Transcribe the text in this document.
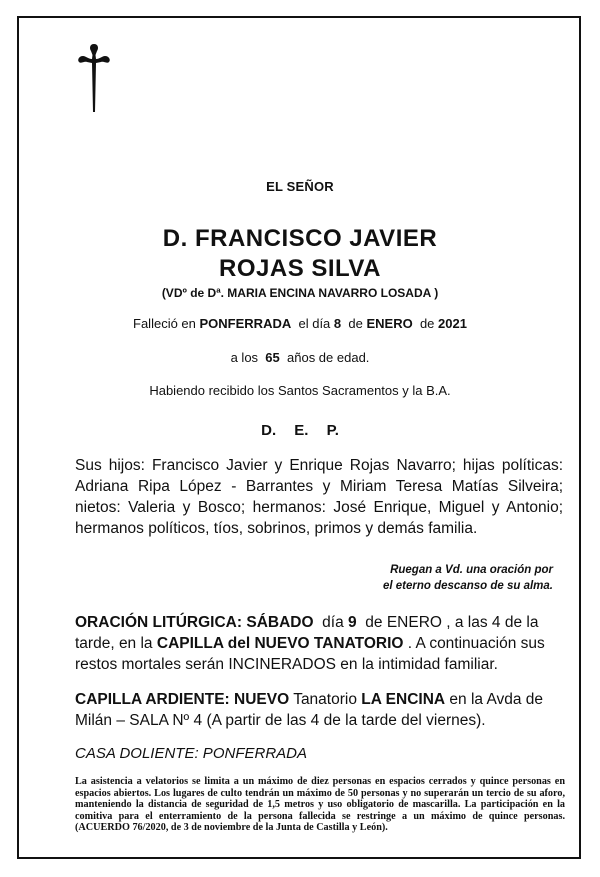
EL SEÑOR
D. FRANCISCO JAVIER
ROJAS SILVA
(VDº de Dª. MARIA ENCINA NAVARRO LOSADA )
Falleció en PONFERRADA el día 8 de ENERO de 2021
a los 65 años de edad.
Habiendo recibido los Santos Sacramentos y la B.A.
D. E. P.
Sus hijos: Francisco Javier y Enrique Rojas Navarro; hijas políticas: Adriana Ripa López - Barrantes y Miriam Teresa Matías Silveira; nietos: Valeria y Bosco; hermanos: José Enrique, Miguel y Antonio; hermanos políticos, tíos, sobrinos, primos y demás familia.
Ruegan a Vd. una oración por
el eterno descanso de su alma.
ORACIÓN LITÚRGICA: SÁBADO día 9 de ENERO , a las 4 de la tarde, en la CAPILLA del NUEVO TANATORIO . A continuación sus restos mortales serán INCINERADOS en la intimidad familiar.
CAPILLA ARDIENTE: NUEVO Tanatorio LA ENCINA en la Avda de Milán – SALA Nº 4 (A partir de las 4 de la tarde del viernes).
CASA DOLIENTE: PONFERRADA
La asistencia a velatorios se limita a un máximo de diez personas en espacios cerrados y quince personas en espacios abiertos. Los lugares de culto tendrán un máximo de 50 personas y no superarán un tercio de su aforo, manteniendo la distancia de seguridad de 1,5 metros y uso obligatorio de mascarilla. La participación en la comitiva para el enterramiento de la persona fallecida se restringe a un máximo de quince personas. (ACUERDO 76/2020, de 3 de noviembre de la Junta de Castilla y León).
